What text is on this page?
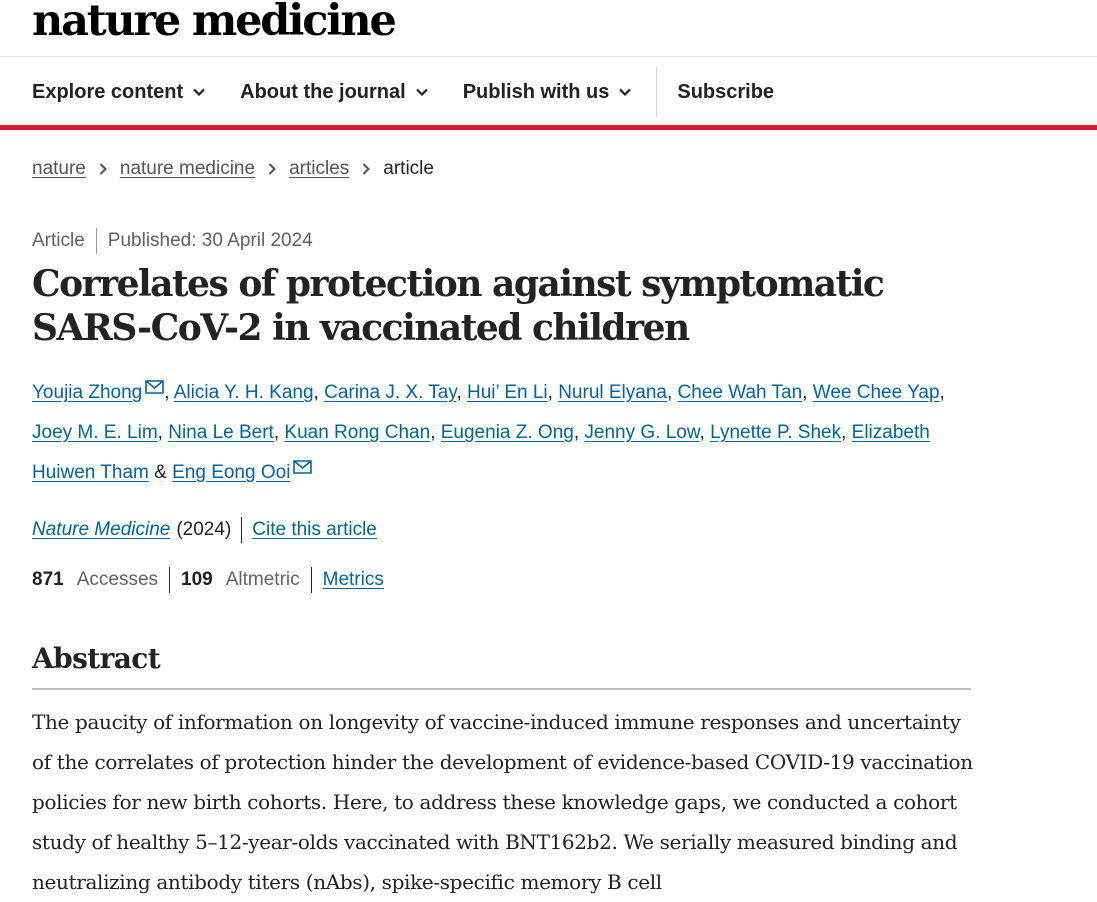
nature medicine
Explore content	About the journal	Publish with us	Subscribe
nature nature medicine articles article
Article Published: 30 April 2024
Correlates of protection against symptomatic SARS-CoV-2 in vaccinated children
Youjia Zhong , Alicia Y. H. Kang, Carina J. X. Tay, Hui’ En Li, Nurul Elyana, Chee Wah Tan, Wee Chee Yap, Joey M. E. Lim, Nina Le Bert, Kuan Rong Chan, Eugenia Z. Ong, Jenny G. Low, Lynette P. Shek, Elizabeth Huiwen Tham & Eng Eong Ooi
Nature Medicine (2024) Cite this article
871 Accesses 109 Altmetric Metrics
Abstract

The paucity of information on longevity of vaccine-induced immune responses and uncertainty of the correlates of protection hinder the development of evidence-based COVID-19 vaccination policies for new birth cohorts. Here, to address these knowledge gaps, we conducted a cohort study of healthy 5–12-year-olds vaccinated with BNT162b2. We serially measured binding and neutralizing antibody titers (nAbs), spike-specific memory B cell
